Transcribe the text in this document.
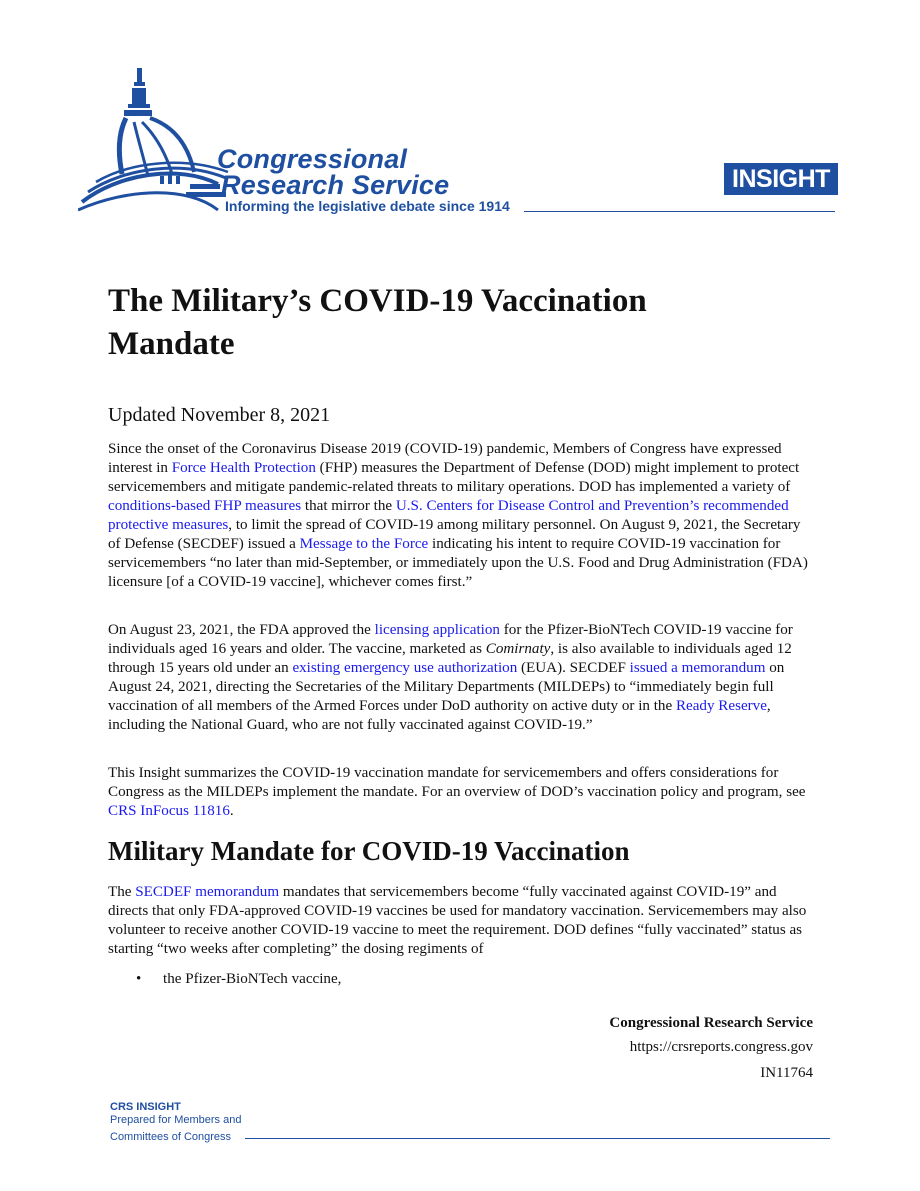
Congressional
Research Service
Informing the legislative debate since 1914
INSIGHT
The Military’s COVID-19 Vaccination Mandate
Updated November 8, 2021
Since the onset of the Coronavirus Disease 2019 (COVID-19) pandemic, Members of Congress have expressed interest in Force Health Protection (FHP) measures the Department of Defense (DOD) might implement to protect servicemembers and mitigate pandemic-related threats to military operations. DOD has implemented a variety of conditions-based FHP measures that mirror the U.S. Centers for Disease Control and Prevention’s recommended protective measures, to limit the spread of COVID-19 among military personnel. On August 9, 2021, the Secretary of Defense (SECDEF) issued a Message to the Force indicating his intent to require COVID-19 vaccination for servicemembers “no later than mid-September, or immediately upon the U.S. Food and Drug Administration (FDA) licensure [of a COVID-19 vaccine], whichever comes first.”
On August 23, 2021, the FDA approved the licensing application for the Pfizer-BioNTech COVID-19 vaccine for individuals aged 16 years and older. The vaccine, marketed as Comirnaty, is also available to individuals aged 12 through 15 years old under an existing emergency use authorization (EUA). SECDEF issued a memorandum on August 24, 2021, directing the Secretaries of the Military Departments (MILDEPs) to “immediately begin full vaccination of all members of the Armed Forces under DoD authority on active duty or in the Ready Reserve, including the National Guard, who are not fully vaccinated against COVID-19.”
This Insight summarizes the COVID-19 vaccination mandate for servicemembers and offers considerations for Congress as the MILDEPs implement the mandate. For an overview of DOD’s vaccination policy and program, see CRS InFocus 11816.
Military Mandate for COVID-19 Vaccination
The SECDEF memorandum mandates that servicemembers become “fully vaccinated against COVID-19” and directs that only FDA-approved COVID-19 vaccines be used for mandatory vaccination. Servicemembers may also volunteer to receive another COVID-19 vaccine to meet the requirement. DOD defines “fully vaccinated” status as starting “two weeks after completing” the dosing regiments of
• the Pfizer-BioNTech vaccine,
Congressional Research Service
https://crsreports.congress.gov
IN11764
CRS INSIGHT
Prepared for Members and
Committees of Congress
